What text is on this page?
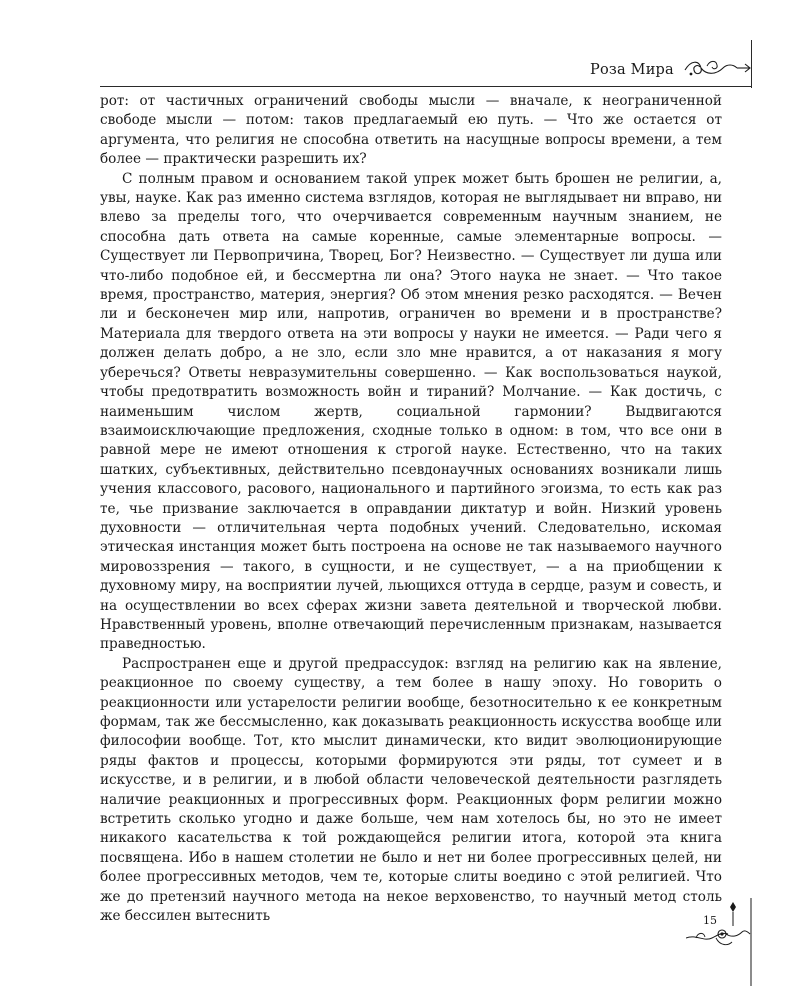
Роза Мира

рот: от частичных ограничений свободы мысли — вначале, к неограниченной свободе мысли — потом: таков предлагаемый ею путь. — Что же остается от аргумента, что религия не способна ответить на насущные вопросы времени, а тем более — практически разрешить их?

С полным правом и основанием такой упрек может быть брошен не религии, а, увы, науке. Как раз именно система взглядов, которая не выглядывает ни вправо, ни влево за пределы того, что очерчивается современным научным знанием, не способна дать ответа на самые коренные, самые элементарные вопросы. — Существует ли Первопричина, Творец, Бог? Неизвестно. — Существует ли душа или что-либо подобное ей, и бессмертна ли она? Этого наука не знает. — Что такое время, пространство, материя, энергия? Об этом мнения резко расходятся. — Вечен ли и бесконечен мир или, напротив, ограничен во времени и в пространстве? Материала для твердого ответа на эти вопросы у науки не имеется. — Ради чего я должен делать добро, а не зло, если зло мне нравится, а от наказания я могу уберечься? Ответы невразумительны совершенно. — Как воспользоваться наукой, чтобы предотвратить возможность войн и тираний? Молчание. — Как достичь, с наименьшим числом жертв, социальной гармонии? Выдвигаются взаимоисключающие предложения, сходные только в одном: в том, что все они в равной мере не имеют отношения к строгой науке. Естественно, что на таких шатких, субъективных, действительно псевдонаучных основаниях возникали лишь учения классового, расового, национального и партийного эгоизма, то есть как раз те, чье призвание заключается в оправдании диктатур и войн. Низкий уровень духовности — отличительная черта подобных учений. Следовательно, искомая этическая инстанция может быть построена на основе не так называемого научного мировоззрения — такого, в сущности, и не существует, — а на приобщении к духовному миру, на восприятии лучей, льющихся оттуда в сердце, разум и совесть, и на осуществлении во всех сферах жизни завета деятельной и творческой любви. Нравственный уровень, вполне отвечающий перечисленным признакам, называется праведностью.

Распространен еще и другой предрассудок: взгляд на религию как на явление, реакционное по своему существу, а тем более в нашу эпоху. Но говорить о реакционности или устарелости религии вообще, безотносительно к ее конкретным формам, так же бессмысленно, как доказывать реакционность искусства вообще или философии вообще. Тот, кто мыслит динамически, кто видит эволюционирующие ряды фактов и процессы, которыми формируются эти ряды, тот сумеет и в искусстве, и в религии, и в любой области человеческой деятельности разглядеть наличие реакционных и прогрессивных форм. Реакционных форм религии можно встретить сколько угодно и даже больше, чем нам хотелось бы, но это не имеет никакого касательства к той рождающейся религии итога, которой эта книга посвящена. Ибо в нашем столетии не было и нет ни более прогрессивных целей, ни более прогрессивных методов, чем те, которые слиты воедино с этой религией. Что же до претензий научного метода на некое верховенство, то научный метод столь же бессилен вытеснить	15
